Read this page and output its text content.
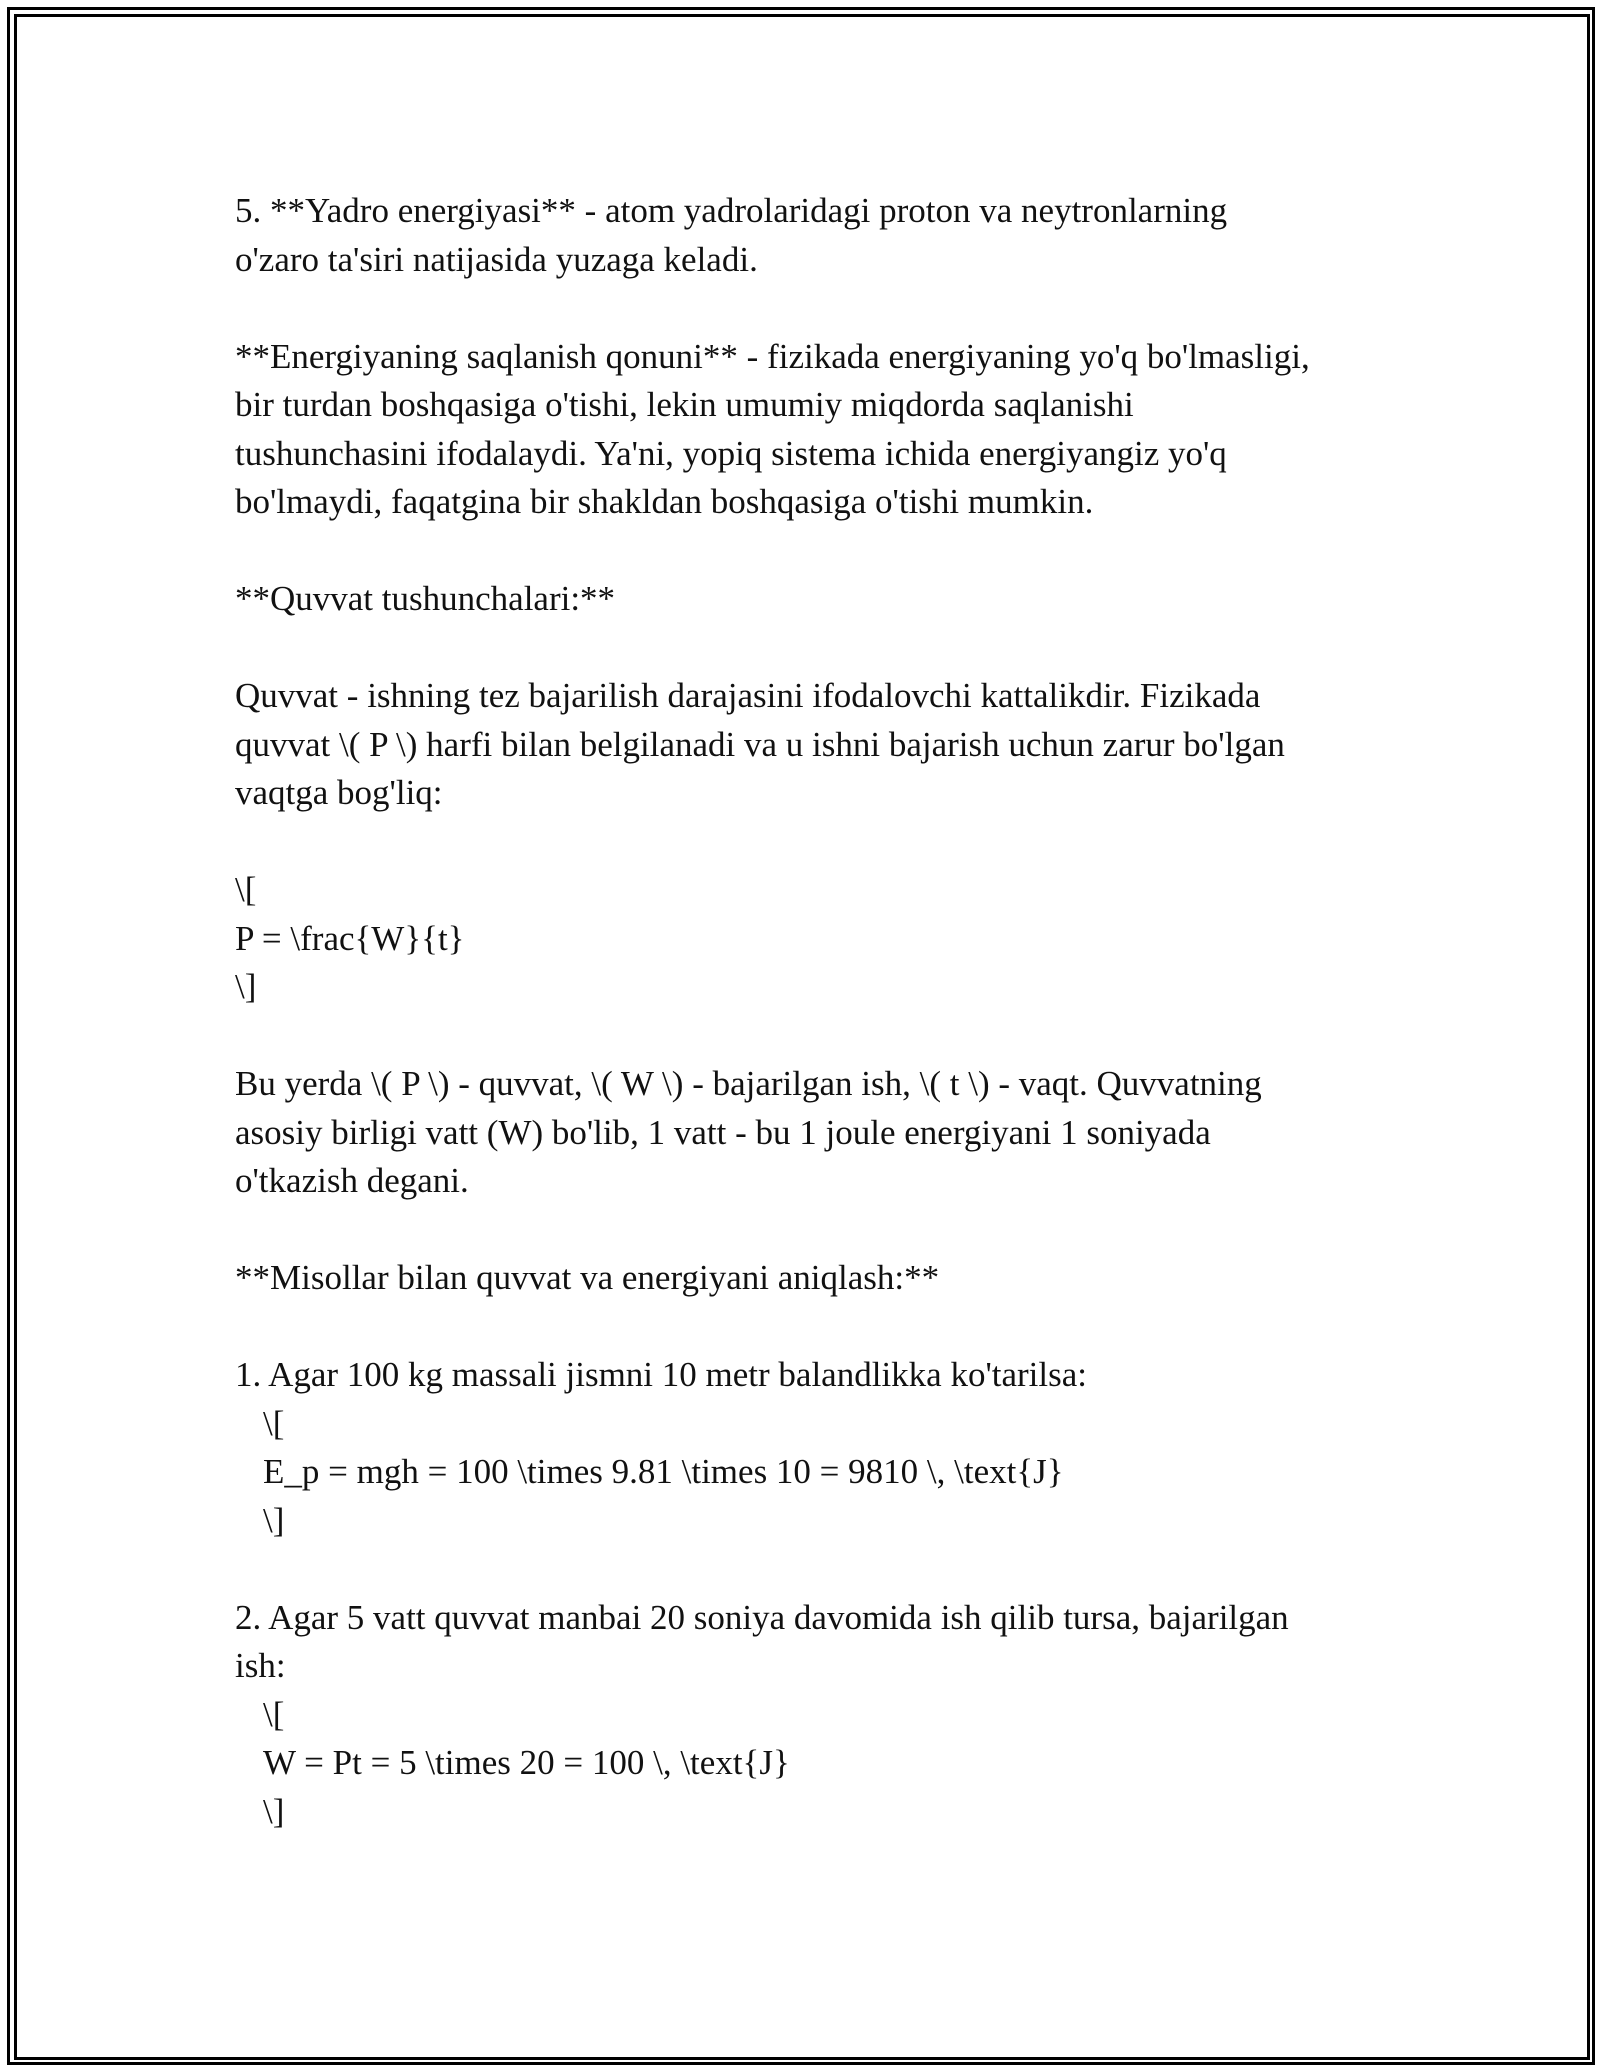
5. **Yadro energiyasi** - atom yadrolaridagi proton va neytronlarning
o'zaro ta'siri natijasida yuzaga keladi.
**Energiyaning saqlanish qonuni** - fizikada energiyaning yo'q bo'lmasligi,
bir turdan boshqasiga o'tishi, lekin umumiy miqdorda saqlanishi
tushunchasini ifodalaydi. Ya'ni, yopiq sistema ichida energiyangiz yo'q
bo'lmaydi, faqatgina bir shakldan boshqasiga o'tishi mumkin.
**Quvvat tushunchalari:**
Quvvat - ishning tez bajarilish darajasini ifodalovchi kattalikdir. Fizikada
quvvat \( P \) harfi bilan belgilanadi va u ishni bajarish uchun zarur bo'lgan
vaqtga bog'liq:
\[
P = \frac{W}{t}
\]
Bu yerda \( P \) - quvvat, \( W \) - bajarilgan ish, \( t \) - vaqt. Quvvatning
asosiy birligi vatt (W) bo'lib, 1 vatt - bu 1 joule energiyani 1 soniyada
o'tkazish degani.
**Misollar bilan quvvat va energiyani aniqlash:**
1. Agar 100 kg massali jismni 10 metr balandlikka ko'tarilsa:
\[
E_p = mgh = 100 \times 9.81 \times 10 = 9810 \, \text{J}
\]
2. Agar 5 vatt quvvat manbai 20 soniya davomida ish qilib tursa, bajarilgan
ish:
\[
W = Pt = 5 \times 20 = 100 \, \text{J}
\]
